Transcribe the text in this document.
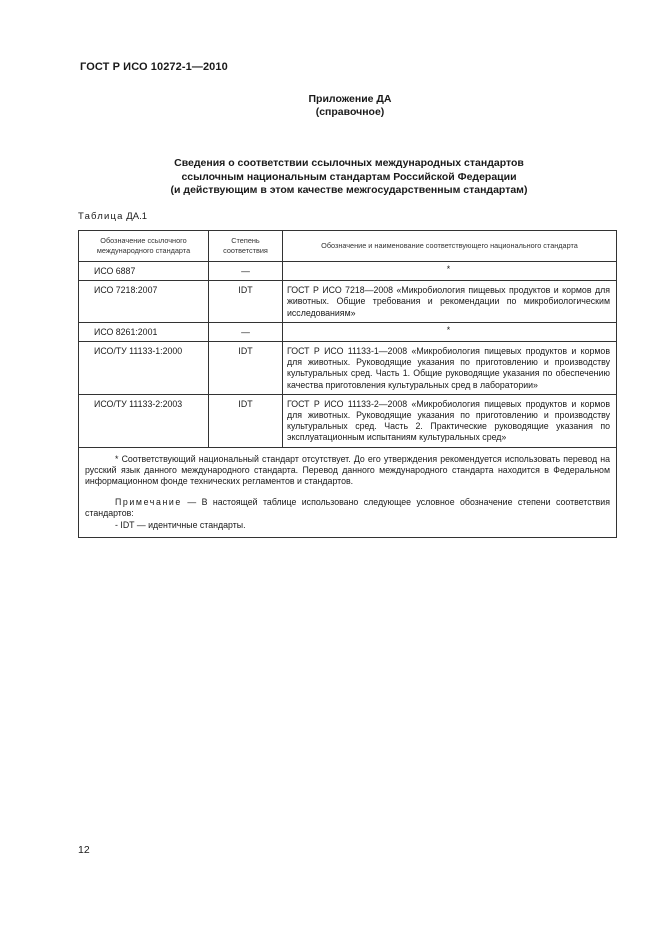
ГОСТ Р ИСО 10272-1—2010
Приложение ДА
(справочное)
Сведения о соответствии ссылочных международных стандартов
ссылочным национальным стандартам Российской Федерации
(и действующим в этом качестве межгосударственным стандартам)
Таблица ДА.1
Обозначение ссылочного международного стандарта	Степень соответствия	Обозначение и наименование соответствующего национального стандарта
ИСО 6887	—	*
ИСО 7218:2007	IDT	ГОСТ Р ИСО 7218—2008 «Микробиология пищевых продуктов и кормов для животных. Общие требования и рекомендации по микробиологическим исследованиям»
ИСО 8261:2001	—	*
ИСО/ТУ 11133-1:2000	IDT	ГОСТ Р ИСО 11133-1—2008 «Микробиология пищевых продуктов и кормов для животных. Руководящие указания по приготовлению и производству культуральных сред. Часть 1. Общие руководящие указания по обеспечению качества приготовления культуральных сред в лаборатории»
ИСО/ТУ 11133-2:2003	IDT	ГОСТ Р ИСО 11133-2—2008 «Микробиология пищевых продуктов и кормов для животных. Руководящие указания по приготовлению и производству культуральных сред. Часть 2. Практические руководящие указания по эксплуатационным испытаниям культуральных сред»

* Соответствующий национальный стандарт отсутствует. До его утверждения рекомендуется использовать перевод на русский язык данного международного стандарта. Перевод данного международного стандарта находится в Федеральном информационном фонде технических регламентов и стандартов.

Примечание — В настоящей таблице использовано следующее условное обозначение степени соответствия стандартов:

- IDT — идентичные стандарты.		

12
